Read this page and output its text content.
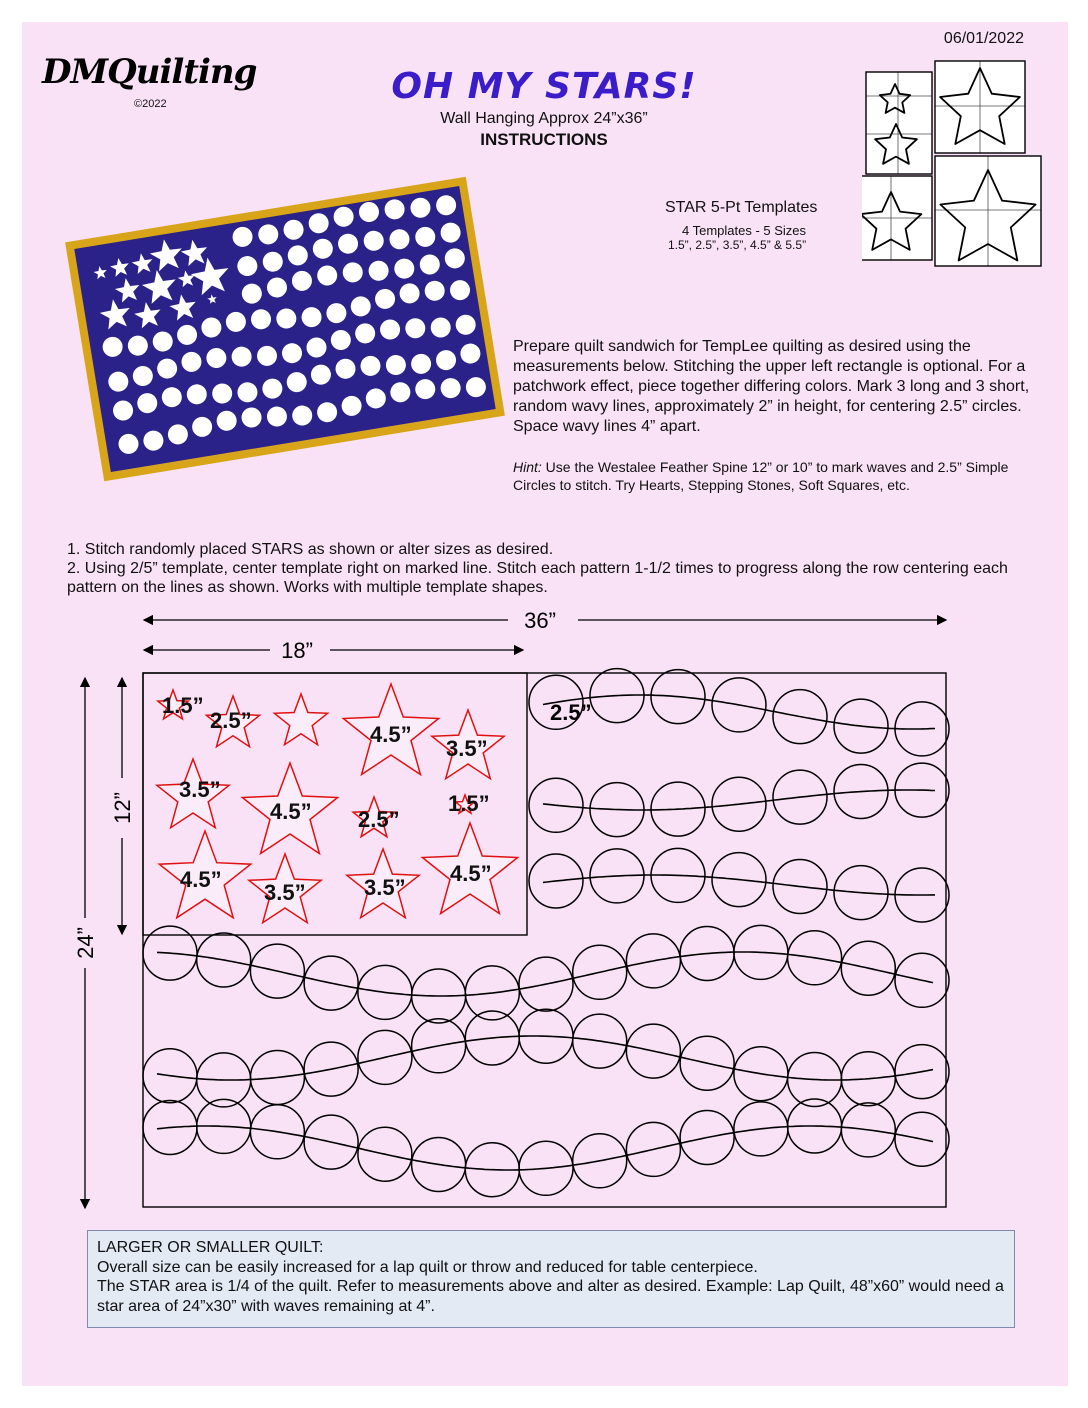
06/01/2022
DMQuilting
©2022	OH MY STARS!
Wall Hanging Approx 24”x36”
INSTRUCTIONS
STAR 5-Pt Templates
4 Templates - 5 Sizes
1.5”, 2.5”, 3.5”, 4.5” & 5.5”
Prepare quilt sandwich for TempLee quilting as desired using the measurements below. Stitching the upper left rectangle is optional. For a patchwork effect, piece together differing colors. Mark 3 long and 3 short, random wavy lines, approximately 2” in height, for centering 2.5” circles. Space wavy lines 4” apart.
Hint: Use the Westalee Feather Spine 12” or 10” to mark waves and 2.5” Simple Circles to stitch. Try Hearts, Stepping Stones, Soft Squares, etc.
1. Stitch randomly placed STARS as shown or alter sizes as desired.
2. Using 2/5” template, center template right on marked line. Stitch each pattern 1-1/2 times to progress along the row centering each pattern on the lines as shown. Works with multiple template shapes.
36”
18”
24”
12”
1.5”
2.5”
4.5”
3.5”
3.5”
4.5” 2.5”
1.5”
4.5”
3.5”	3.5”
4.5”
2.5”
LARGER OR SMALLER QUILT:
Overall size can be easily increased for a lap quilt or throw and reduced for table centerpiece.
The STAR area is 1/4 of the quilt. Refer to measurements above and alter as desired. Example: Lap Quilt, 48”x60” would need a star area of 24”x30” with waves remaining at 4”.
